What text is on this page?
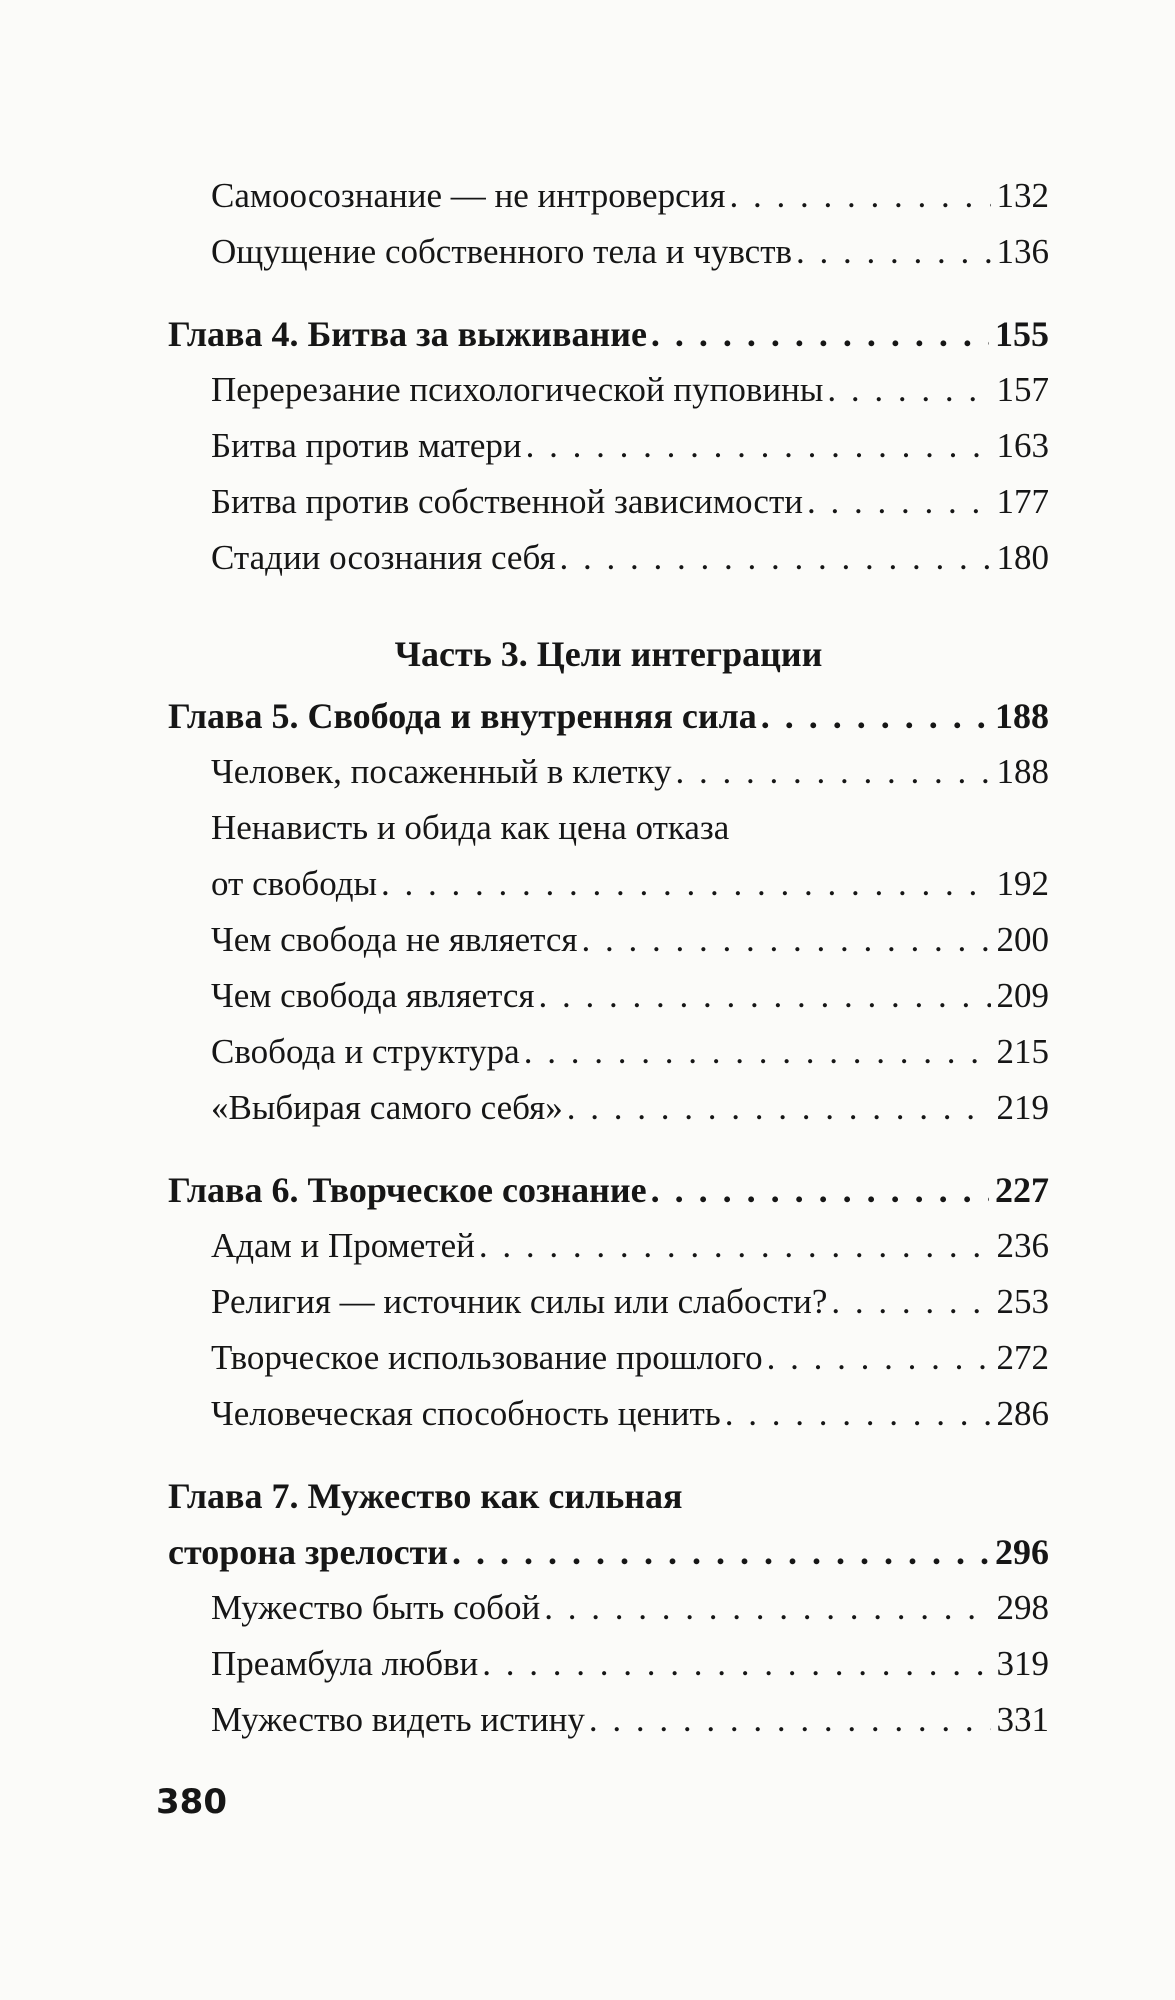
Самоосознание — не интроверсия . . .	132
Ощущение собственного тела и чувств . . .	136
Глава 4. Битва за выживание . . .	155
Перерезание психологической пуповины . . .	157
Битва против матери . . .	163
Битва против собственной зависимости . . .	177
Стадии осознания себя . . .	180
Часть 3. Цели интеграции
Глава 5. Свобода и внутренняя сила . . .	188
Человек, посаженный в клетку . . .	188
Ненависть и обида как цена отказа
от свободы . . .	192
Чем свобода не является . . .	200
Чем свобода является . . .	209
Свобода и структура . . .	215
«Выбирая самого себя» . . .	219
Глава 6. Творческое сознание . . .	227
Адам и Прометей . . .	236
Религия — источник силы или слабости? . . .	253
Творческое использование прошлого . . .	272
Человеческая способность ценить . . .	286
Глава 7. Мужество как сильная
сторона зрелости . . .	296
Мужество быть собой . . .	298
Преамбула любви . . .	319
Мужество видеть истину . . .	331
380
